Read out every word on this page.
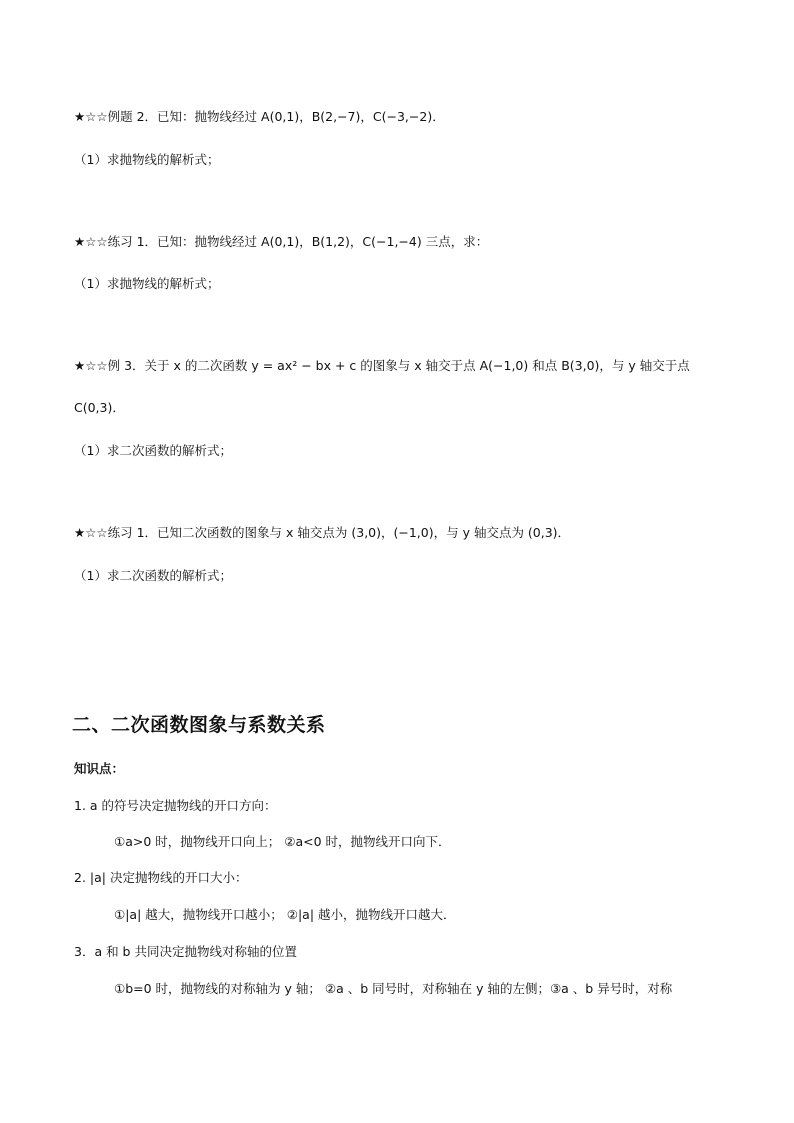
★☆☆例题 2．已知：抛物线经过 A(0,1)，B(2,−7)，C(−3,−2)．
（1）求抛物线的解析式；
★☆☆练习 1．已知：抛物线经过 A(0,1)，B(1,2)，C(−1,−4) 三点，求：
（1）求抛物线的解析式；
★☆☆例 3．关于 x 的二次函数 y = ax² − bx + c 的图象与 x 轴交于点 A(−1,0) 和点 B(3,0)，与 y 轴交于点
C(0,3)．
（1）求二次函数的解析式；
★☆☆练习 1．已知二次函数的图象与 x 轴交点为 (3,0)，(−1,0)，与 y 轴交点为 (0,3)．
（1）求二次函数的解析式；
二、二次函数图象与系数关系
知识点：
1. a 的符号决定抛物线的开口方向：
①a>0 时，抛物线开口向上； ②a<0 时，抛物线开口向下．
2. |a| 决定抛物线的开口大小：
①|a| 越大，抛物线开口越小； ②|a| 越小，抛物线开口越大．
3．a 和 b 共同决定抛物线对称轴的位置
①b=0 时，抛物线的对称轴为 y 轴； ②a 、b 同号时，对称轴在 y 轴的左侧；③a 、b 异号时，对称
